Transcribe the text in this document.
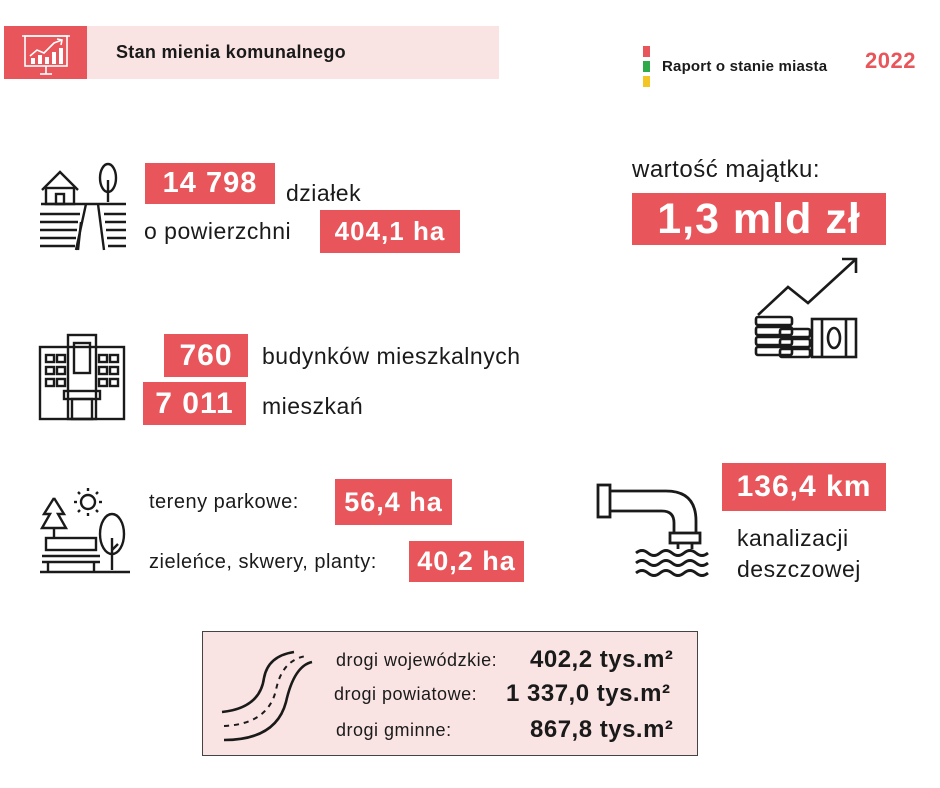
Stan mienia komunalnego
Raport o stanie miasta 2022
14 798	działek
o powierzchni	404,1 ha
wartość majątku:
1,3 mld zł
760	budynków mieszkalnych
7 011	mieszkań
tereny parkowe:	56,4 ha
zieleńce, skwery, planty:	40,2 ha
136,4 km
kanalizacji
deszczowej
drogi wojewódzkie: 402,2 tys.m²
drogi powiatowe: 1 337,0 tys.m²
drogi gminne:	867,8 tys.m²
